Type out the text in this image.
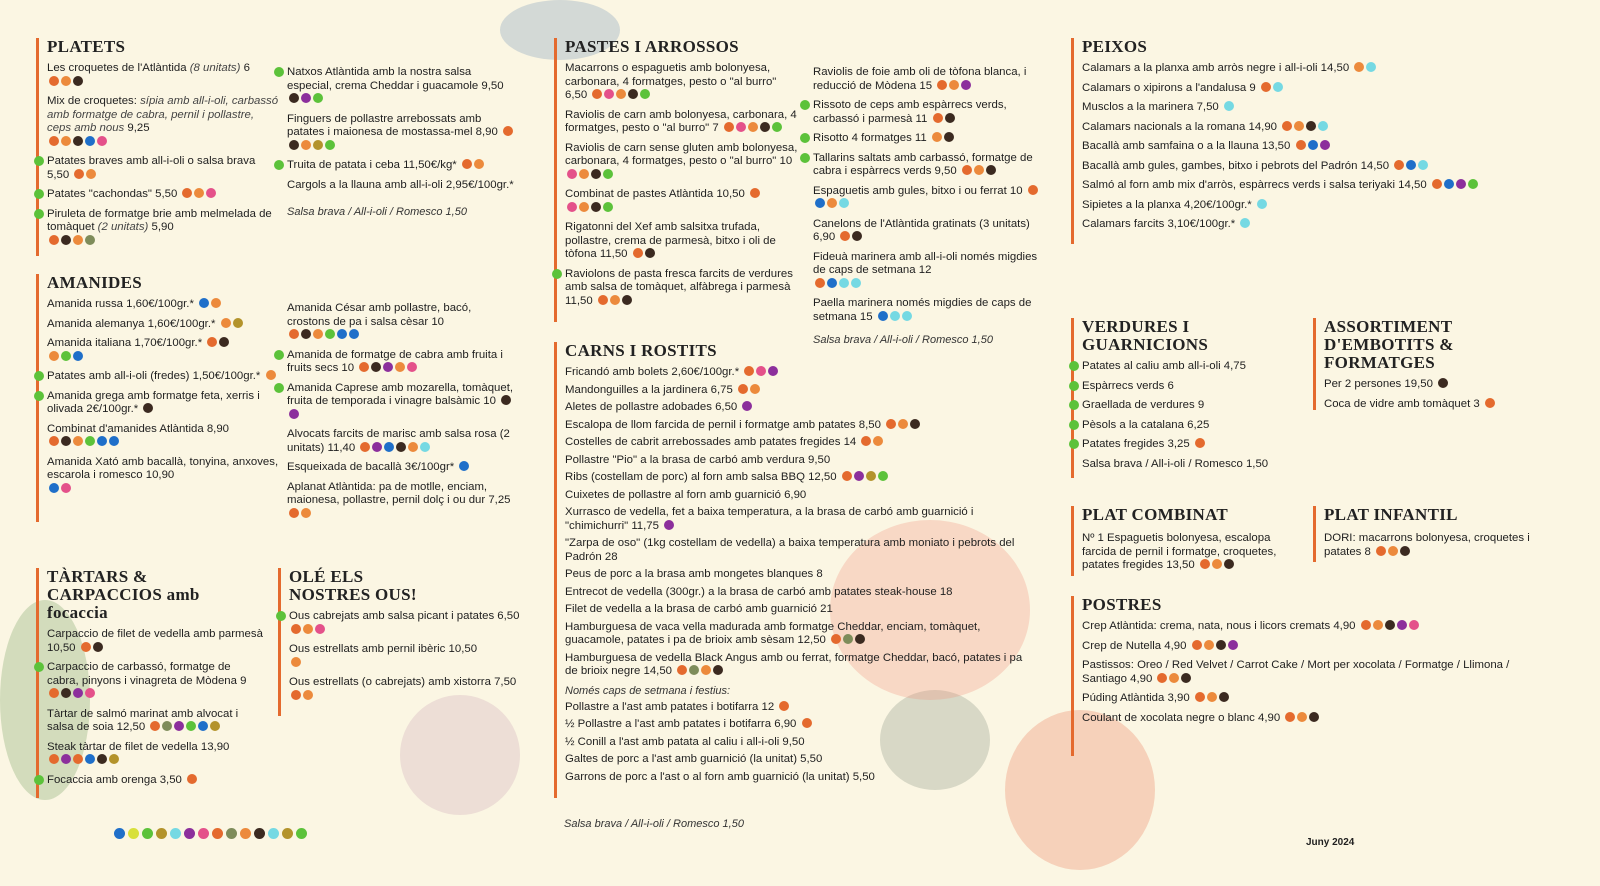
PLATETS
Les croquetes de l'Atlàntida (8 unitats) 6

Mix de croquetes: sípia amb all-i-oli, carbassó amb formatge de cabra, pernil i pollastre, ceps amb nous 9,25

Patates braves amb all-i-oli o salsa brava 5,50
Patates "cachondas" 5,50
Piruleta de formatge brie amb melmelada de tomàquet (2 unitats) 5,90

Natxos Atlàntida amb la nostra salsa especial, crema Cheddar i guacamole 9,50
Finguers de pollastre arrebossats amb patates i maionesa de mostassa-mel 8,90
Truita de patata i ceba 11,50€/kg*
Cargols a la llauna amb all-i-oli 2,95€/100gr.*
Salsa brava / All-i-oli / Romesco 1,50
AMANIDES
Amanida russa 1,60€/100gr.*
Amanida alemanya 1,60€/100gr.*
Amanida italiana 1,70€/100gr.*

Patates amb all-i-oli (fredes) 1,50€/100gr.*
Amanida grega amb formatge feta, xerris i olivada 2€/100gr.*
Combinat d'amanides Atlàntida 8,90

Amanida Xató amb bacallà, tonyina, anxoves, escarola i romesco 10,90

Amanida César amb pollastre, bacó, crostons de pa i salsa cèsar 10

Amanida de formatge de cabra amb fruita i fruits secs 10
Amanida Caprese amb mozarella, tomàquet, fruita de temporada i vinagre balsàmic 10
Alvocats farcits de marisc amb salsa rosa (2 unitats) 11,40
Esqueixada de bacallà 3€/100gr*
Aplanat Atlàntida: pa de motlle, enciam, maionesa, pollastre, pernil dolç i ou dur 7,25
TÀRTARS &
CARPACCIOS amb
focaccia
Carpaccio de filet de vedella amb parmesà 10,50
Carpaccio de carbassó, formatge de cabra, pinyons i vinagreta de Mòdena 9

Tàrtar de salmó marinat amb alvocat i salsa de soia 12,50
Steak tàrtar de filet de vedella 13,90

Focaccia amb orenga 3,50
OLÉ ELS
NOSTRES OUS!
Ous cabrejats amb salsa picant i patates 6,50
Ous estrellats amb pernil ibèric 10,50

Ous estrellats (o cabrejats) amb xistorra 7,50
PASTES I ARROSSOS
Macarrons o espaguetis amb bolonyesa, carbonara, 4 formatges, pesto o "al burro" 6,50
Raviolis de carn amb bolonyesa, carbonara, 4 formatges, pesto o "al burro" 7
Raviolis de carn sense gluten amb bolonyesa, carbonara, 4 formatges, pesto o "al burro" 10
Combinat de pastes Atlàntida 10,50

Rigatonni del Xef amb salsitxa trufada, pollastre, crema de parmesà, bitxo i oli de tòfona 11,50
Raviolons de pasta fresca farcits de verdures amb salsa de tomàquet, alfàbrega i parmesà 11,50
Raviolis de foie amb oli de tòfona blanca, i reducció de Mòdena 15
Rissoto de ceps amb espàrrecs verds, carbassó i parmesà 11
Risotto 4 formatges 11
Tallarins saltats amb carbassó, formatge de cabra i espàrrecs verds 9,50
Espaguetis amb gules, bitxo i ou ferrat 10
Canelons de l'Atlàntida gratinats (3 unitats) 6,90
Fideuà marinera amb all-i-oli només migdies de caps de setmana 12

Paella marinera només migdies de caps de setmana 15
Salsa brava / All-i-oli / Romesco 1,50
CARNS I ROSTITS
Fricandó amb bolets 2,60€/100gr.*
Mandonguilles a la jardinera 6,75
Aletes de pollastre adobades 6,50
Escalopa de llom farcida de pernil i formatge amb patates 8,50
Costelles de cabrit arrebossades amb patates fregides 14
Pollastre "Pio" a la brasa de carbó amb verdura 9,50
Ribs (costellam de porc) al forn amb salsa BBQ 12,50
Cuixetes de pollastre al forn amb guarnició 6,90
Xurrasco de vedella, fet a baixa temperatura, a la brasa de carbó amb guarnició i "chimichurri" 11,75
"Zarpa de oso" (1kg costellam de vedella) a baixa temperatura amb moniato i pebrots del Padrón 28
Peus de porc a la brasa amb mongetes blanques 8
Entrecot de vedella (300gr.) a la brasa de carbó amb patates steak-house 18
Filet de vedella a la brasa de carbó amb guarnició 21
Hamburguesa de vaca vella madurada amb formatge Cheddar, enciam, tomàquet, guacamole, patates i pa de brioix amb sèsam 12,50
Hamburguesa de vedella Black Angus amb ou ferrat, formatge Cheddar, bacó, patates i pa de brioix negre 14,50
Només caps de setmana i festius:
Pollastre a l'ast amb patates i botifarra 12
½ Pollastre a l'ast amb patates i botifarra 6,90
½ Conill a l'ast amb patata al caliu i all-i-oli 9,50
Galtes de porc a l'ast amb guarnició (la unitat) 5,50
Garrons de porc a l'ast o al forn amb guarnició (la unitat) 5,50
Salsa brava / All-i-oli / Romesco 1,50
PEIXOS
Calamars a la planxa amb arròs negre i all-i-oli 14,50
Calamars o xipirons a l'andalusa 9
Musclos a la marinera 7,50
Calamars nacionals a la romana 14,90
Bacallà amb samfaina o a la llauna 13,50
Bacallà amb gules, gambes, bitxo i pebrots del Padrón 14,50
Salmó al forn amb mix d'arròs, espàrrecs verds i salsa teriyaki 14,50
Sipietes a la planxa 4,20€/100gr.*
Calamars farcits 3,10€/100gr.*
VERDURES I
GUARNICIONS
Patates al caliu amb all-i-oli 4,75
Espàrrecs verds 6
Graellada de verdures 9
Pèsols a la catalana 6,25
Patates fregides 3,25
Salsa brava / All-i-oli / Romesco 1,50
ASSORTIMENT
D'EMBOTITS &
FORMATGES
Per 2 persones 19,50
Coca de vidre amb tomàquet 3
PLAT COMBINAT
Nº 1 Espaguetis bolonyesa, escalopa farcida de pernil i formatge, croquetes, patates fregides 13,50
PLAT INFANTIL
DORI: macarrons bolonyesa, croquetes i patates 8
POSTRES
Crep Atlàntida: crema, nata, nous i licors cremats 4,90
Crep de Nutella 4,90
Pastissos: Oreo / Red Velvet / Carrot Cake / Mort per xocolata / Formatge / Llimona / Santiago 4,90
Púding Atlàntida 3,90
Coulant de xocolata negre o blanc 4,90
Juny 2024
